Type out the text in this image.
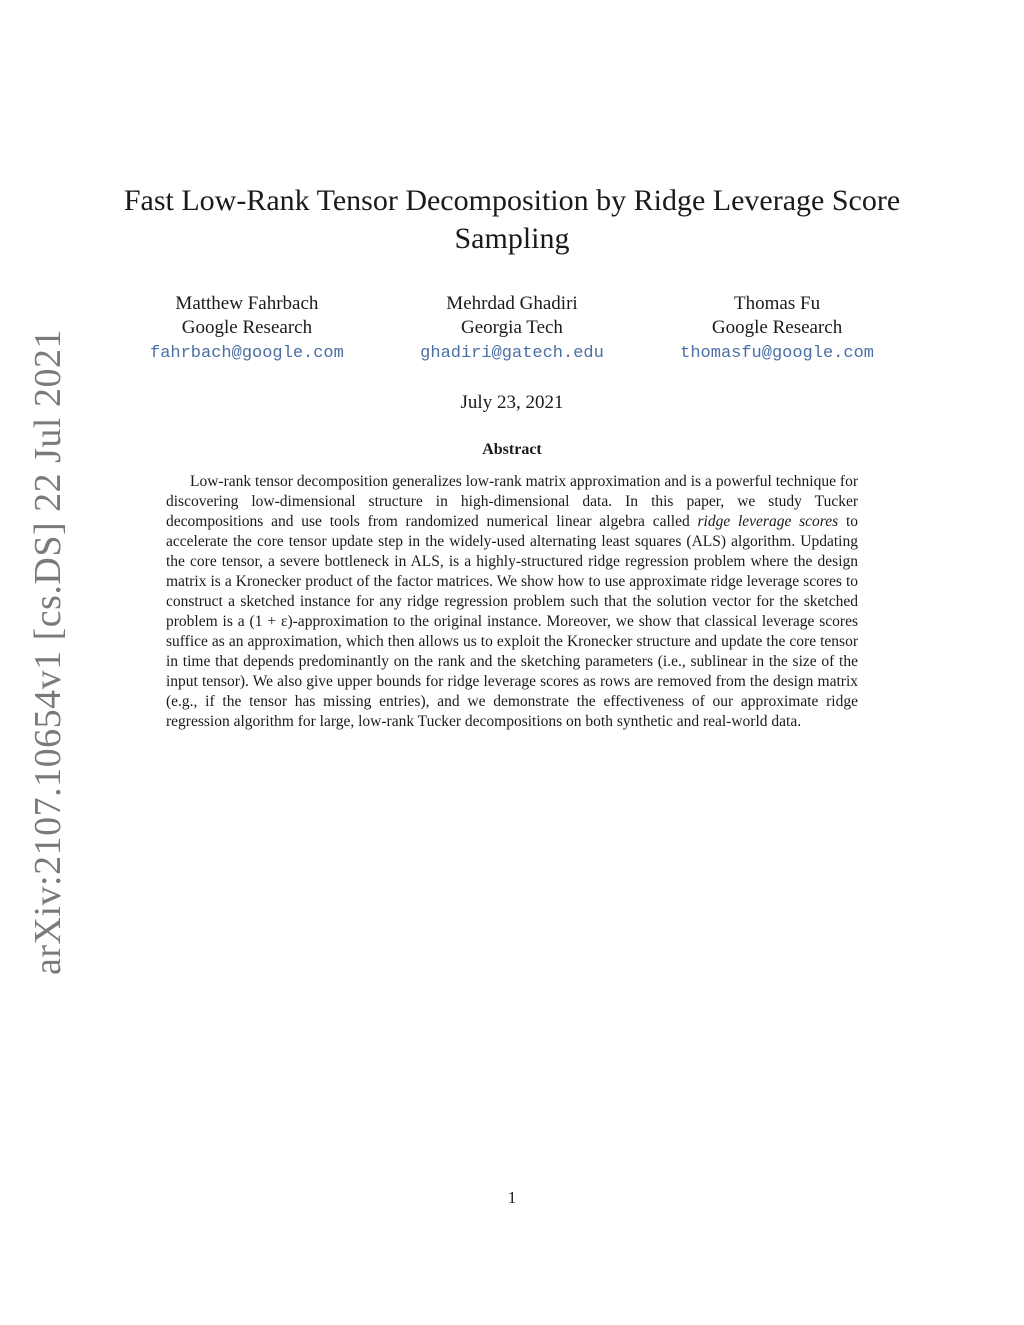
arXiv:2107.10654v1 [cs.DS] 22 Jul 2021
Fast Low-Rank Tensor Decomposition by Ridge Leverage Score Sampling
Matthew Fahrbach
Google Research
fahrbach@google.com
Mehrdad Ghadiri
Georgia Tech
ghadiri@gatech.edu
Thomas Fu
Google Research
thomasfu@google.com
July 23, 2021
Abstract

Low-rank tensor decomposition generalizes low-rank matrix approximation and is a powerful technique for discovering low-dimensional structure in high-dimensional data. In this paper, we study Tucker decompositions and use tools from randomized numerical linear algebra called ridge leverage scores to accelerate the core tensor update step in the widely-used alternating least squares (ALS) algorithm. Updating the core tensor, a severe bottleneck in ALS, is a highly-structured ridge regression problem where the design matrix is a Kronecker product of the factor matrices. We show how to use approximate ridge leverage scores to construct a sketched instance for any ridge regression problem such that the solution vector for the sketched problem is a (1 + ε)-approximation to the original instance. Moreover, we show that classical leverage scores suffice as an approximation, which then allows us to exploit the Kronecker structure and update the core tensor in time that depends predominantly on the rank and the sketching parameters (i.e., sublinear in the size of the input tensor). We also give upper bounds for ridge leverage scores as rows are removed from the design matrix (e.g., if the tensor has missing entries), and we demonstrate the effectiveness of our approximate ridge regression algorithm for large, low-rank Tucker decompositions on both synthetic and real-world data.

1
